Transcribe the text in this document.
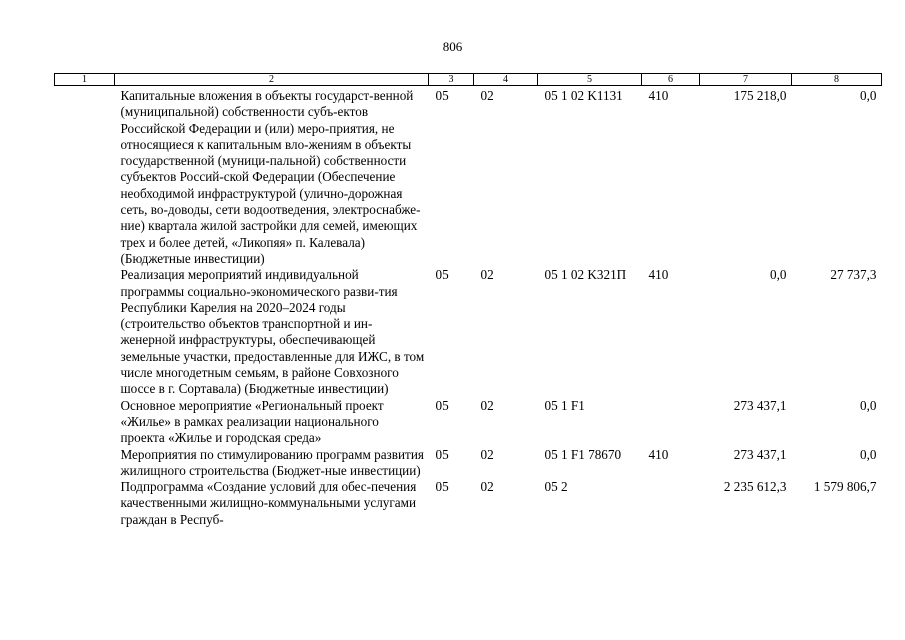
806
1	2	3	4	5	6	7	8
	Капитальные вложения в объекты государст-венной (муниципальной) собственности субъ-ектов Российской Федерации и (или) меро-приятия, не относящиеся к капитальным вло-жениям в объекты государственной (муници-пальной) собственности субъектов Россий-ской Федерации (Обеспечение необходимой инфраструктурой (улично-дорожная сеть, во-доводы, сети водоотведения, электроснабже-ние) квартала жилой застройки для семей, имеющих трех и более детей, «Ликопяя» п. Калевала) (Бюджетные инвестиции)	05	02	05 1 02 K1131	410	175 218,0	0,0
	Реализация мероприятий индивидуальной программы социально-экономического разви-тия Республики Карелия на 2020–2024 годы (строительство объектов транспортной и ин-женерной инфраструктуры, обеспечивающей земельные участки, предоставленные для ИЖС, в том числе многодетным семьям, в районе Совхозного шоссе в г. Сортавала) (Бюджетные инвестиции)	05	02	05 1 02 K321П	410	0,0	27 737,3
	Основное мероприятие «Региональный проект «Жилье» в рамках реализации национального проекта «Жилье и городская среда»	05	02	05 1 F1		273 437,1	0,0
	Мероприятия по стимулированию программ развития жилищного строительства (Бюджет-ные инвестиции)	05	02	05 1 F1 78670	410	273 437,1	0,0
	Подпрограмма «Создание условий для обес-печения качественными жилищно-коммунальными услугами граждан в Респуб-	05	02	05 2		2 235 612,3	1 579 806,7
